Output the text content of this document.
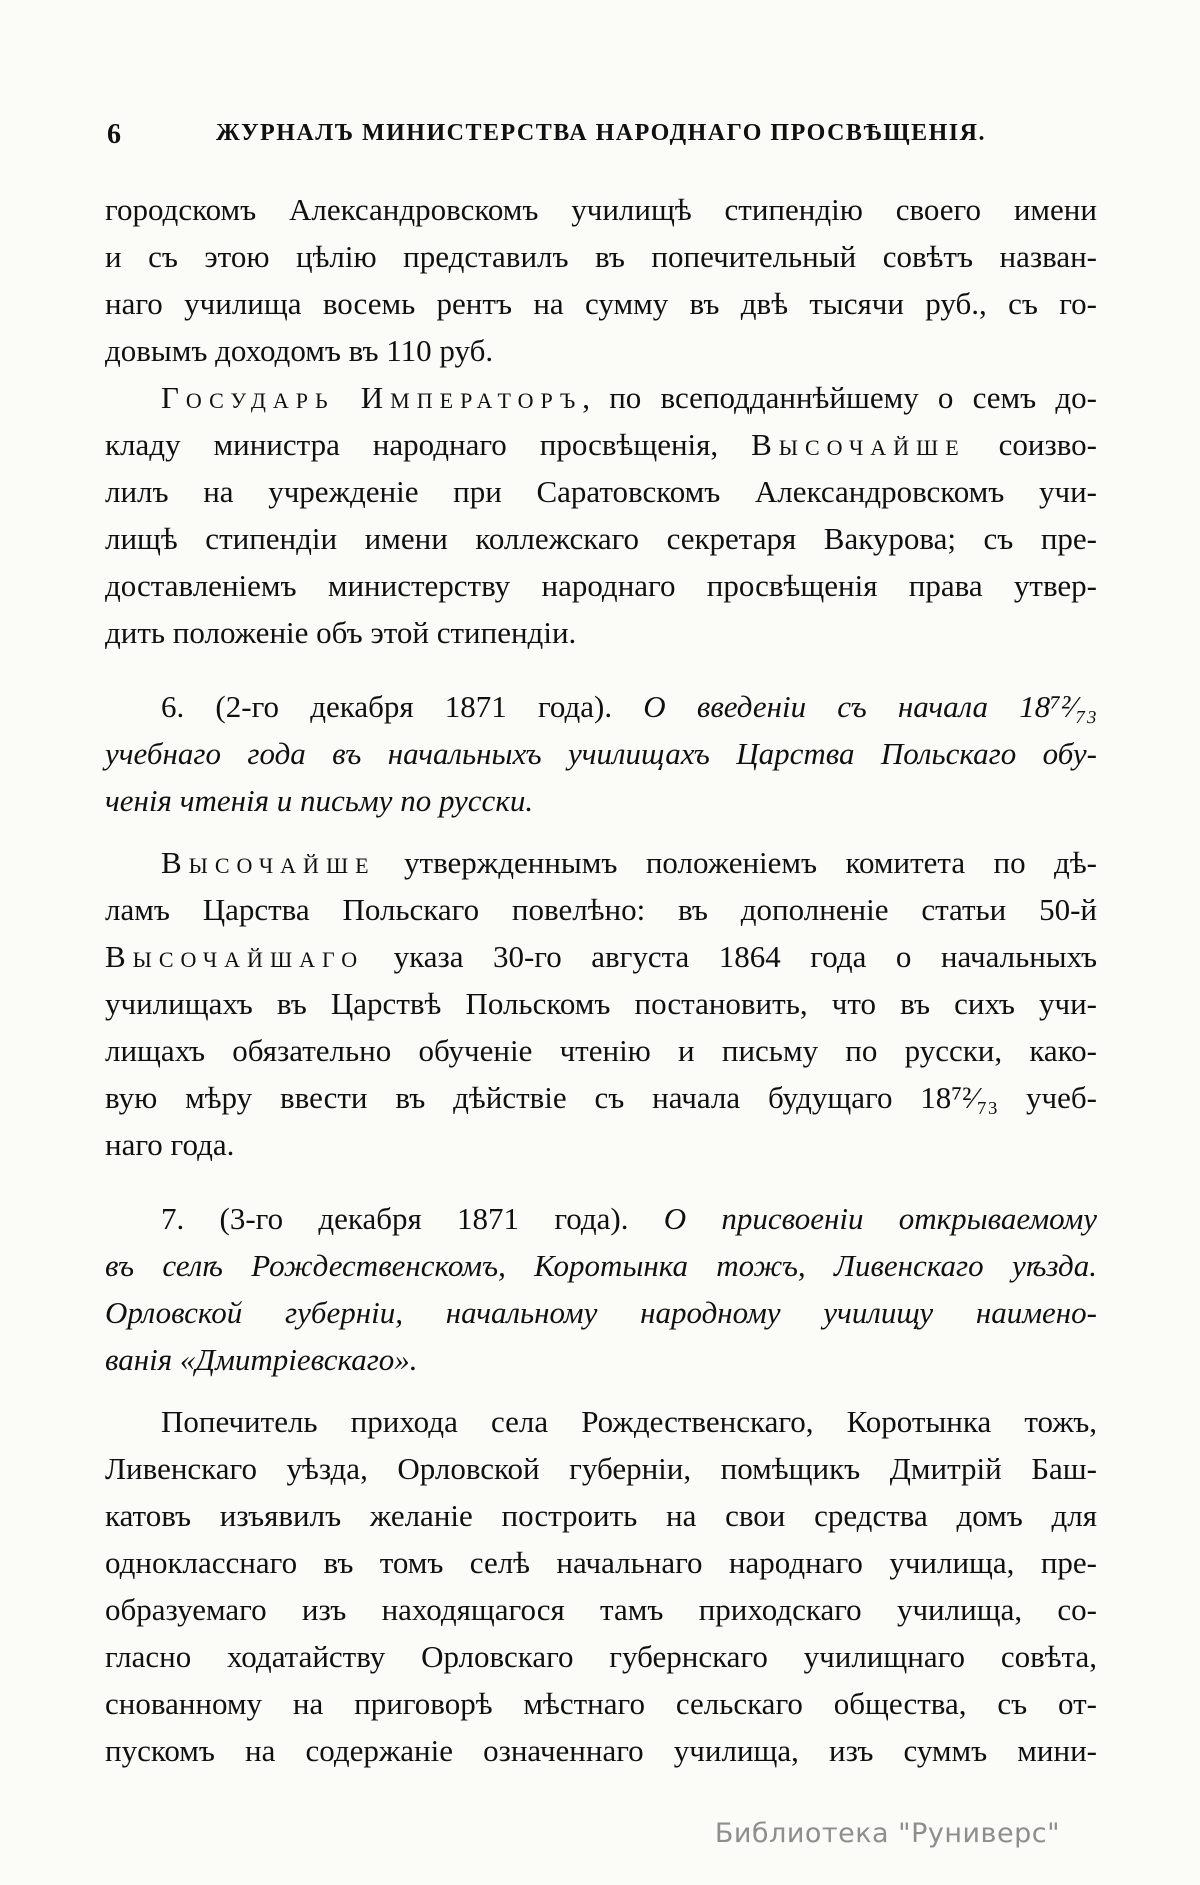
6	ЖУРНАЛЪ МИНИСТЕРСТВА НАРОДНАГО ПРОСВѢЩЕНІЯ.
городскомъ Александровскомъ училищѣ стипендію своего имени
и съ этою цѣлію представилъ въ попечительный совѣтъ назван-
наго училища восемь рентъ на сумму въ двѣ тысячи руб., съ го-
довымъ доходомъ въ 110 руб.
Государь Императоръ, по всеподданнѣйшему о семъ до-
кладу министра народнаго просвѣщенія, Высочайше соизво-
лилъ на учрежденіе при Саратовскомъ Александровскомъ учи-
лищѣ стипендіи имени коллежскаго секретаря Вакурова; съ пре-
доставленіемъ министерству народнаго просвѣщенія права утвер-
дить положеніе объ этой стипендіи.
6. (2-го декабря 1871 года). О введеніи съ начала 18⁷²⁄₇₃
учебнаго года въ начальныхъ училищахъ Царства Польскаго обу-
ченія чтенія и письму по русски.
Высочайше утвержденнымъ положеніемъ комитета по дѣ-
ламъ Царства Польскаго повелѣно: въ дополненіе статьи 50-й
Высочайшаго указа 30-го августа 1864 года о начальныхъ
училищахъ въ Царствѣ Польскомъ постановить, что въ сихъ учи-
лищахъ обязательно обученіе чтенію и письму по русски, како-
вую мѣру ввести въ дѣйствіе съ начала будущаго 18⁷²⁄₇₃ учеб-
наго года.
7. (3-го декабря 1871 года). О присвоеніи открываемому
въ селѣ Рождественскомъ, Коротынка тожъ, Ливенскаго уѣзда.
Орловской губерніи, начальному народному училищу наимено-
ванія «Дмитріевскаго».
Попечитель прихода села Рождественскаго, Коротынка тожъ,
Ливенскаго уѣзда, Орловской губерніи, помѣщикъ Дмитрій Баш-
катовъ изъявилъ желаніе построить на свои средства домъ для
однокласснаго въ томъ селѣ начальнаго народнаго училища, пре-
образуемаго изъ находящагося тамъ приходскаго училища, со-
гласно ходатайству Орловскаго губернскаго училищнаго совѣта,
снованному на приговорѣ мѣстнаго сельскаго общества, съ от-
пускомъ на содержаніе означеннаго училища, изъ суммъ мини-
Библиотека "Руниверс"
